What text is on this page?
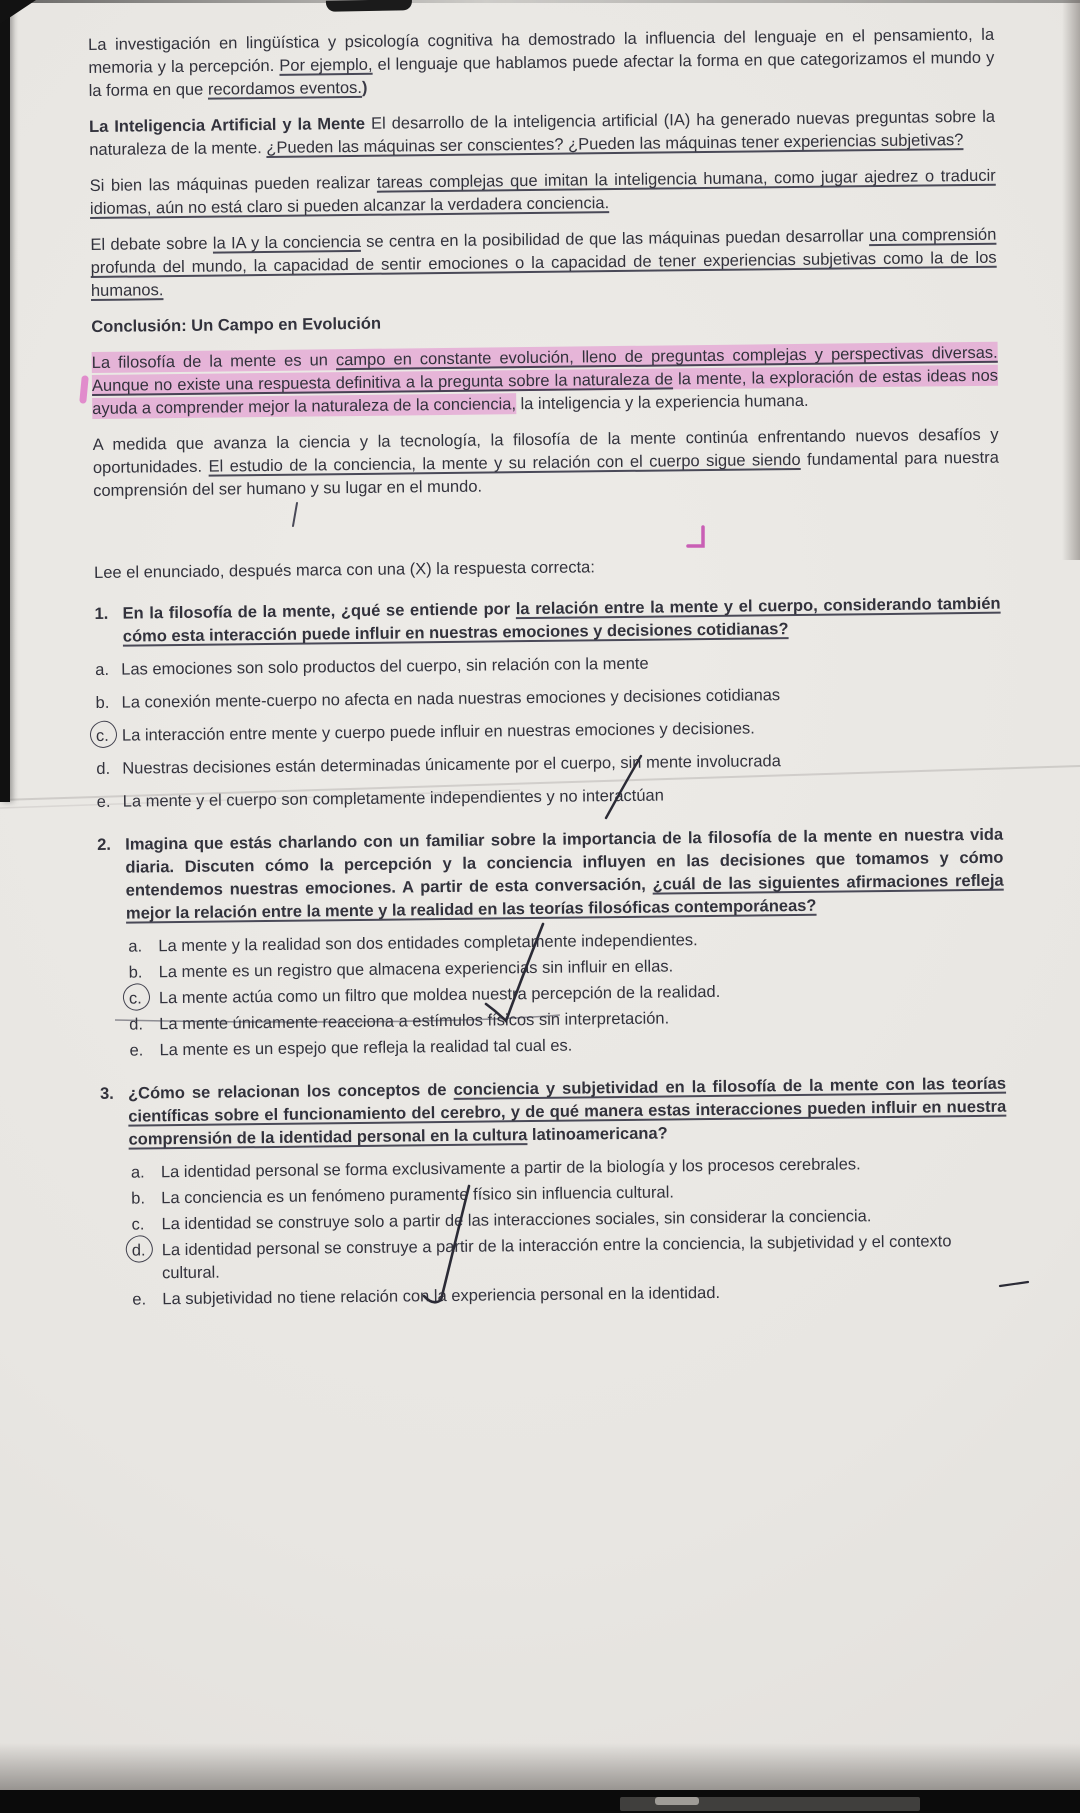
La investigación en lingüística y psicología cognitiva ha demostrado la influencia del lenguaje en el pensamiento, la memoria y la percepción. Por ejemplo, el lenguaje que hablamos puede afectar la forma en que categorizamos el mundo y la forma en que recordamos eventos.)

La Inteligencia Artificial y la Mente El desarrollo de la inteligencia artificial (IA) ha generado nuevas preguntas sobre la naturaleza de la mente. ¿Pueden las máquinas ser conscientes? ¿Pueden las máquinas tener experiencias subjetivas?

Si bien las máquinas pueden realizar tareas complejas que imitan la inteligencia humana, como jugar ajedrez o traducir idiomas, aún no está claro si pueden alcanzar la verdadera conciencia.

El debate sobre la IA y la conciencia se centra en la posibilidad de que las máquinas puedan desarrollar una comprensión profunda del mundo, la capacidad de sentir emociones o la capacidad de tener experiencias subjetivas como la de los humanos.

Conclusión: Un Campo en Evolución

La filosofía de la mente es un campo en constante evolución, lleno de preguntas complejas y perspectivas diversas. Aunque no existe una respuesta definitiva a la pregunta sobre la naturaleza de la mente, la exploración de estas ideas nos ayuda a comprender mejor la naturaleza de la conciencia, la inteligencia y la experiencia humana.

A medida que avanza la ciencia y la tecnología, la filosofía de la mente continúa enfrentando nuevos desafíos y oportunidades. El estudio de la conciencia, la mente y su relación con el cuerpo sigue siendo fundamental para nuestra comprensión del ser humano y su lugar en el mundo.

Lee el enunciado, después marca con una (X) la respuesta correcta:

1. En la filosofía de la mente, ¿qué se entiende por la relación entre la mente y el cuerpo, considerando también cómo esta interacción puede influir en nuestras emociones y decisiones cotidianas?
a. Las emociones son solo productos del cuerpo, sin relación con la mente
b. La conexión mente-cuerpo no afecta en nada nuestras emociones y decisiones cotidianas
c. La interacción entre mente y cuerpo puede influir en nuestras emociones y decisiones.
d. Nuestras decisiones están determinadas únicamente por el cuerpo, sin mente involucrada
e. La mente y el cuerpo son completamente independientes y no interactúan
2. Imagina que estás charlando con un familiar sobre la importancia de la filosofía de la mente en nuestra vida diaria. Discuten cómo la percepción y la conciencia influyen en las decisiones que tomamos y cómo entendemos nuestras emociones. A partir de esta conversación, ¿cuál de las siguientes afirmaciones refleja mejor la relación entre la mente y la realidad en las teorías filosóficas contemporáneas?
a. La mente y la realidad son dos entidades completamente independientes.
b. La mente es un registro que almacena experiencias sin influir en ellas.
c.	La mente actúa como un filtro que moldea nuestra percepción de la realidad.
d. La mente únicamente reacciona a estímulos físicos sin interpretación.
e. La mente es un espejo que refleja la realidad tal cual es.
3. ¿Cómo se relacionan los conceptos de conciencia y subjetividad en la filosofía de la mente con las teorías científicas sobre el funcionamiento del cerebro, y de qué manera estas interacciones pueden influir en nuestra comprensión de la identidad personal en la cultura latinoamericana?
a. La identidad personal se forma exclusivamente a partir de la biología y los procesos cerebrales.
b. La conciencia es un fenómeno puramente físico sin influencia cultural.
c.	La identidad se construye solo a partir de las interacciones sociales, sin considerar la conciencia.
d. La identidad personal se construye a partir de la interacción entre la conciencia, la subjetividad y el contexto cultural.
e. La subjetividad no tiene relación con la experiencia personal en la identidad.
